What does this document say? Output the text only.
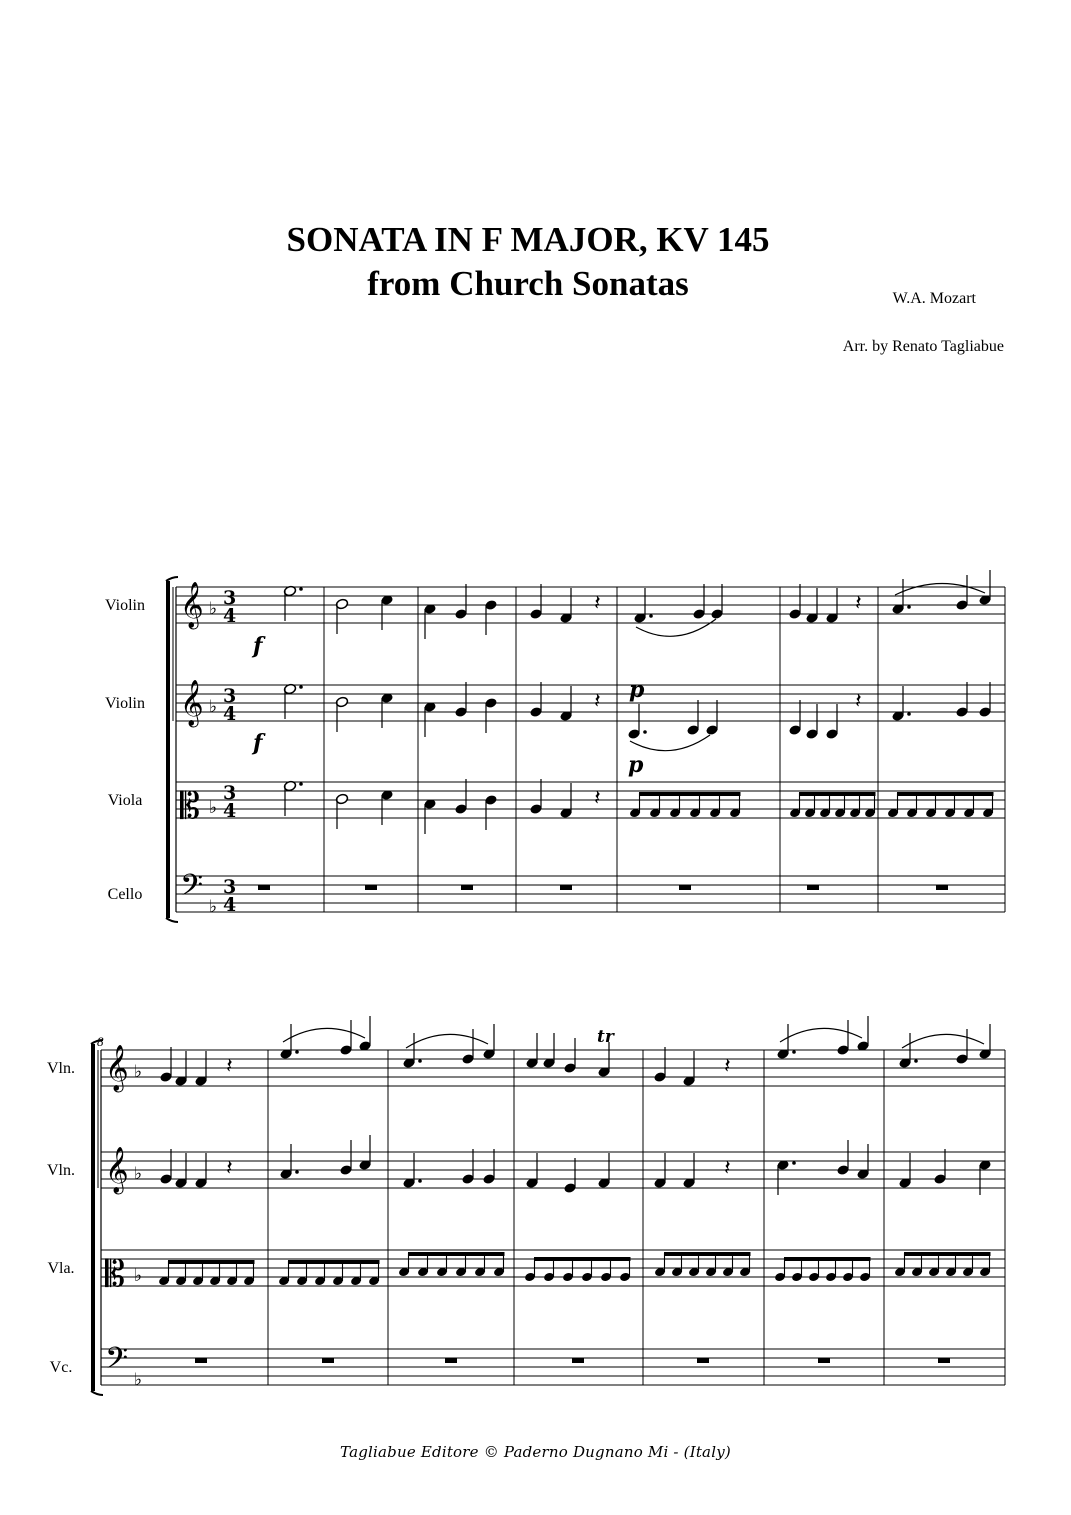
SONATA IN F MAJOR, KV 145
from Church Sonatas	W.A. Mozart
Arr. by Renato Tagliabue
Violin 𝄞 ♭ 3
4
Violin 𝄞 ♭ 3
4
Viola 𝄡 ♭
3
4
Cello 𝄢 ♭
3
4
𝄽	𝄽
f
p
𝄽	𝄽
f
𝄽
p
Vln. 𝄞 ♭
Vln. 𝄞 ♭
Vla. 𝄡 ♭
Vc. 𝄢 ♭
8
𝄽
tr
𝄽
𝄽	𝄽
Tagliabue Editore © Paderno Dugnano Mi - (Italy)
